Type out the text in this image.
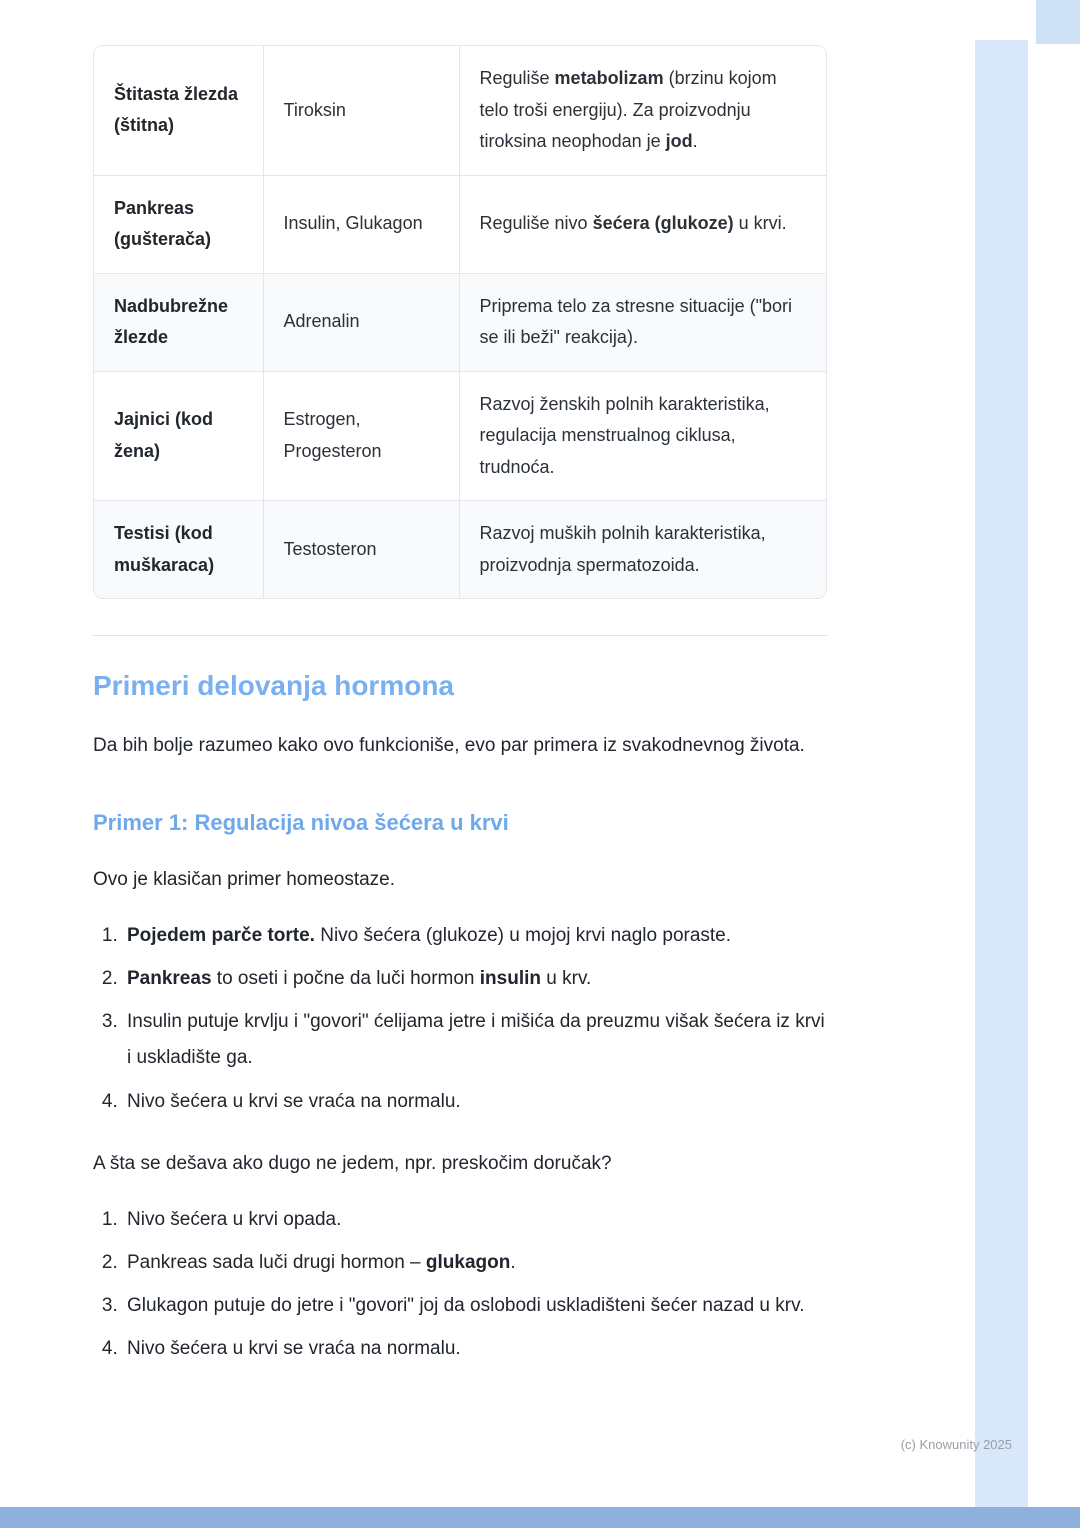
(c) Knowunity 2025
Štitasta žlezda (štitna)	Tiroksin	Reguliše metabolizam (brzinu kojom telo troši energiju). Za proizvodnju tiroksina neophodan je jod.
Pankreas (gušterača)	Insulin, Glukagon	Reguliše nivo šećera (glukoze) u krvi.
Nadbubrežne žlezde	Adrenalin	Priprema telo za stresne situacije ("bori se ili beži" reakcija).
Jajnici (kod žena)	Estrogen, Progesteron	Razvoj ženskih polnih karakteristika, regulacija menstrualnog ciklusa, trudnoća.
Testisi (kod muškaraca)	Testosteron	Razvoj muških polnih karakteristika, proizvodnja spermatozoida.
Primeri delovanja hormona

Da bih bolje razumeo kako ovo funkcioniše, evo par primera iz svakodnevnog života.

Primer 1: Regulacija nivoa šećera u krvi

Ovo je klasičan primer homeostaze.

1. Pojedem parče torte. Nivo šećera (glukoze) u mojoj krvi naglo poraste.
2. Pankreas to oseti i počne da luči hormon insulin u krv.
3. Insulin putuje krvlju i "govori" ćelijama jetre i mišića da preuzmu višak šećera iz krvi i uskladište ga.
4. Nivo šećera u krvi se vraća na normalu.

A šta se dešava ako dugo ne jedem, npr. preskočim doručak?

1. Nivo šećera u krvi opada.
2. Pankreas sada luči drugi hormon – glukagon.
3. Glukagon putuje do jetre i "govori" joj da oslobodi uskladišteni šećer nazad u krv.
4. Nivo šećera u krvi se vraća na normalu.
